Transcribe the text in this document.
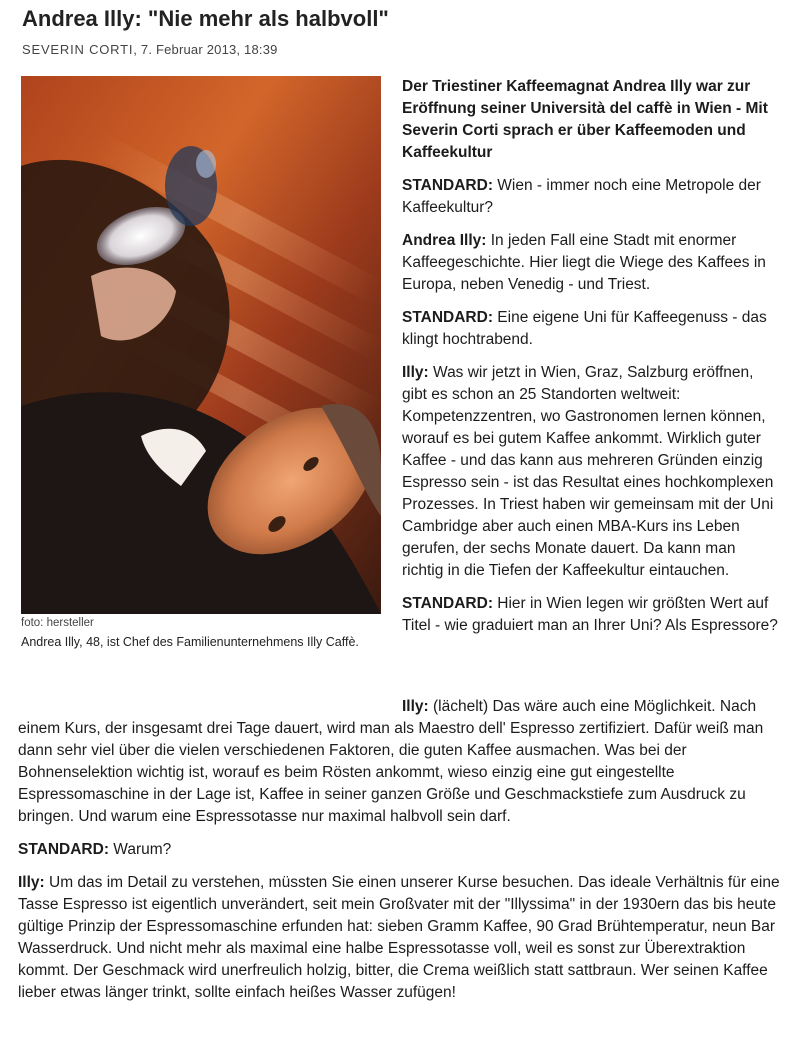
Andrea Illy: "Nie mehr als halbvoll"
SEVERIN CORTI, 7. Februar 2013, 18:39
foto: hersteller
Andrea Illy, 48, ist Chef des Familienunternehmens Illy Caffè.

Der Triestiner Kaffeemagnat Andrea Illy war zur Eröffnung seiner Università del caffè in Wien - Mit Severin Corti sprach er über Kaffeemoden und Kaffeekultur

STANDARD: Wien - immer noch eine Metropole der Kaffeekultur?

Andrea Illy: In jeden Fall eine Stadt mit enormer Kaffeegeschichte. Hier liegt die Wiege des Kaffees in Europa, neben Venedig - und Triest.

STANDARD: Eine eigene Uni für Kaffeegenuss - das klingt hochtrabend.

Illy: Was wir jetzt in Wien, Graz, Salzburg eröffnen, gibt es schon an 25 Standorten weltweit: Kompetenzzentren, wo Gastronomen lernen können, worauf es bei gutem Kaffee ankommt. Wirklich guter Kaffee - und das kann aus mehreren Gründen einzig Espresso sein - ist das Resultat eines hochkomplexen Prozesses. In Triest haben wir gemeinsam mit der Uni Cambridge aber auch einen MBA-Kurs ins Leben gerufen, der sechs Monate dauert. Da kann man richtig in die Tiefen der Kaffeekultur eintauchen.

STANDARD: Hier in Wien legen wir größten Wert auf Titel - wie graduiert man an Ihrer Uni? Als Espressore?

Illy: (lächelt) Das wäre auch eine Möglichkeit. Nach einem Kurs, der insgesamt drei Tage dauert, wird man als Maestro dell' Espresso zertifiziert. Dafür weiß man dann sehr viel über die vielen verschiedenen Faktoren, die guten Kaffee ausmachen. Was bei der Bohnenselektion wichtig ist, worauf es beim Rösten ankommt, wieso einzig eine gut eingestellte Espressomaschine in der Lage ist, Kaffee in seiner ganzen Größe und Geschmackstiefe zum Ausdruck zu bringen. Und warum eine Espressotasse nur maximal halbvoll sein darf.

STANDARD: Warum?

Illy: Um das im Detail zu verstehen, müssten Sie einen unserer Kurse besuchen. Das ideale Verhältnis für eine Tasse Espresso ist eigentlich unverändert, seit mein Großvater mit der "Illyssima" in der 1930ern das bis heute gültige Prinzip der Espressomaschine erfunden hat: sieben Gramm Kaffee, 90 Grad Brühtemperatur, neun Bar Wasserdruck. Und nicht mehr als maximal eine halbe Espressotasse voll, weil es sonst zur Überextraktion kommt. Der Geschmack wird unerfreulich holzig, bitter, die Crema weißlich statt sattbraun. Wer seinen Kaffee lieber etwas länger trinkt, sollte einfach heißes Wasser zufügen!
